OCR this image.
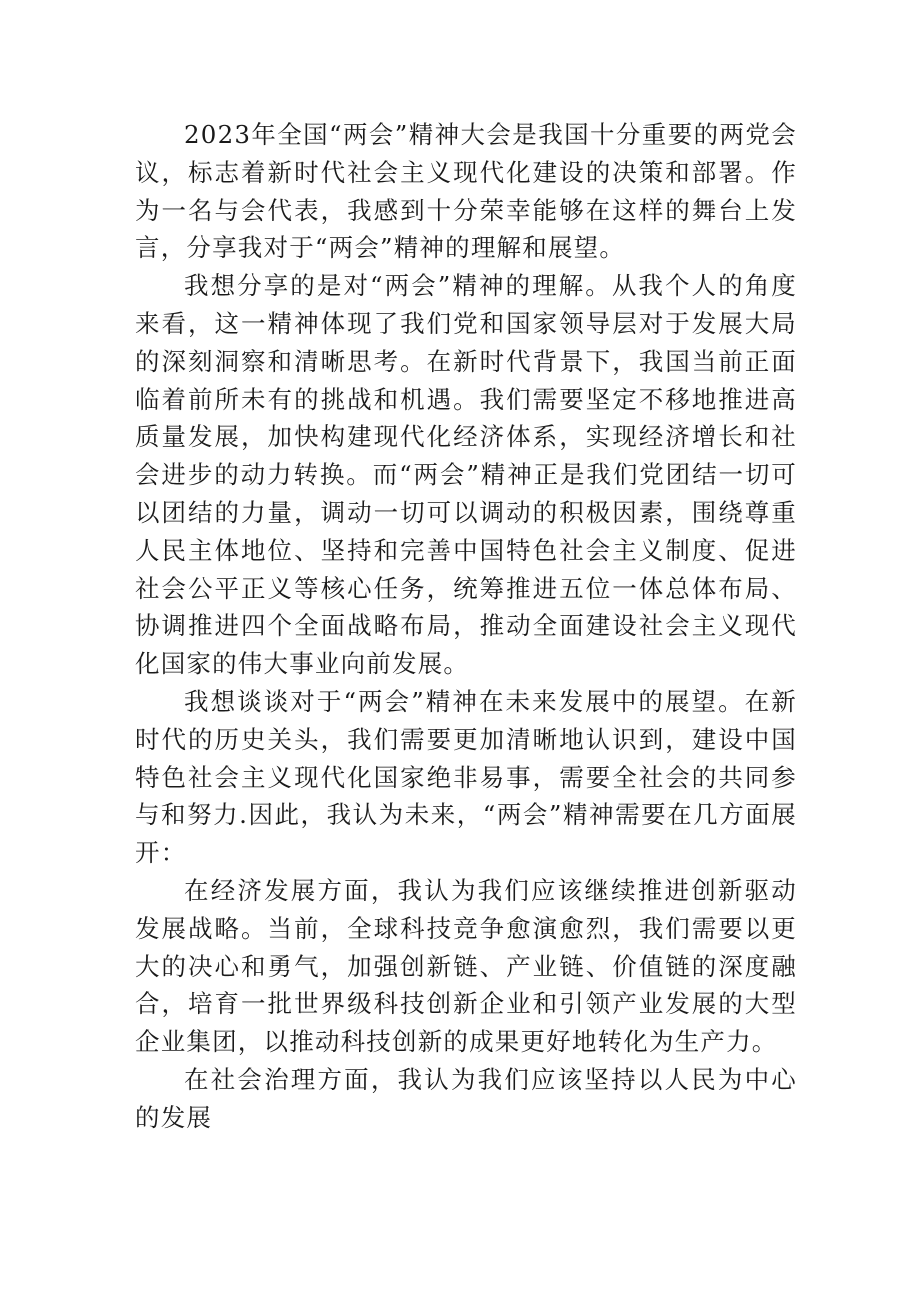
2023年全国“两会”精神大会是我国十分重要的两党会议，标志着新时代社会主义现代化建设的决策和部署。作为一名与会代表，我感到十分荣幸能够在这样的舞台上发言，分享我对于“两会”精神的理解和展望。

我想分享的是对“两会”精神的理解。从我个人的角度来看，这一精神体现了我们党和国家领导层对于发展大局的深刻洞察和清晰思考。在新时代背景下，我国当前正面临着前所未有的挑战和机遇。我们需要坚定不移地推进高质量发展，加快构建现代化经济体系，实现经济增长和社会进步的动力转换。而“两会”精神正是我们党团结一切可以团结的力量，调动一切可以调动的积极因素，围绕尊重人民主体地位、坚持和完善中国特色社会主义制度、促进社会公平正义等核心任务，统筹推进五位一体总体布局、协调推进四个全面战略布局，推动全面建设社会主义现代化国家的伟大事业向前发展。

我想谈谈对于“两会”精神在未来发展中的展望。在新时代的历史关头，我们需要更加清晰地认识到，建设中国特色社会主义现代化国家绝非易事，需要全社会的共同参与和努力.因此，我认为未来，“两会”精神需要在几方面展开：

在经济发展方面，我认为我们应该继续推进创新驱动发展战略。当前，全球科技竞争愈演愈烈，我们需要以更大的决心和勇气，加强创新链、产业链、价值链的深度融合，培育一批世界级科技创新企业和引领产业发展的大型企业集团，以推动科技创新的成果更好地转化为生产力。

在社会治理方面，我认为我们应该坚持以人民为中心的发展
